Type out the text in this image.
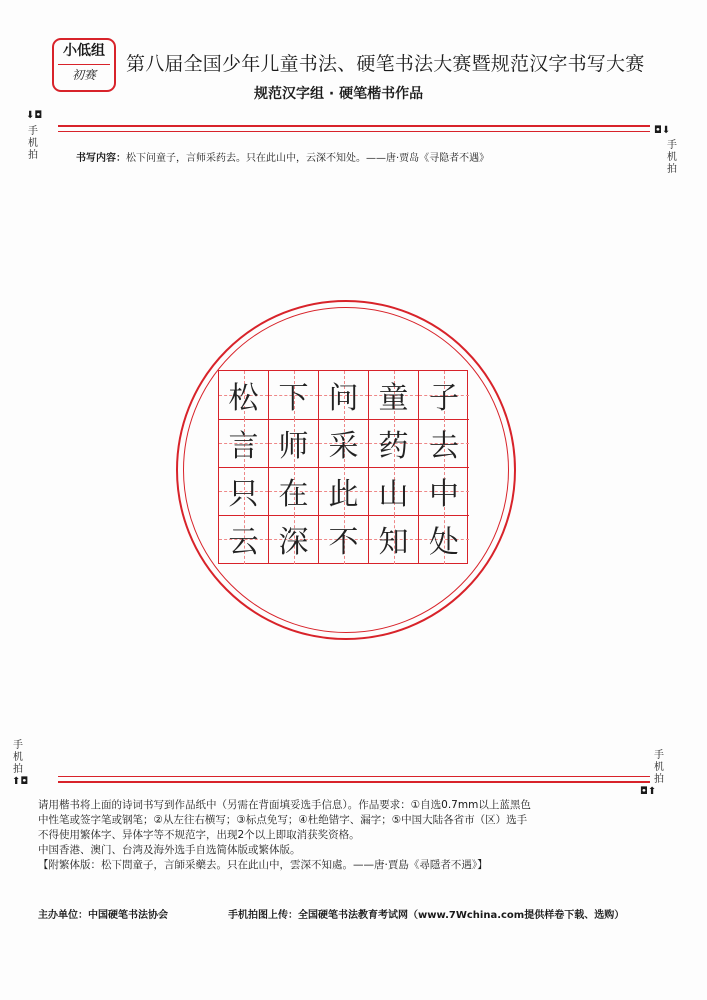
小低组
初赛	第八届全国少年儿童书法、硬笔书法大赛暨规范汉字书写大赛
规范汉字组 · 硬笔楷书作品
⬇◘
手机拍
◘⬇
手机拍
书写内容：松下问童子，言师采药去。只在此山中，云深不知处。——唐·贾岛《寻隐者不遇》
松 下 问 童 子
言 师 采 药 去
只 在 此 山 中
云 深 不 知 处
手机拍
⬆◘
手机拍
◘⬆
请用楷书将上面的诗词书写到作品纸中（另需在背面填妥选手信息）。作品要求：①自选0.7mm以上蓝黑色
中性笔或签字笔或钢笔；②从左往右横写；③标点免写；④杜绝错字、漏字；⑤中国大陆各省市（区）选手
不得使用繁体字、异体字等不规范字，出现2个以上即取消获奖资格。
中国香港、澳门、台湾及海外选手自选简体版或繁体版。
【附繁体版：松下問童子，言師采藥去。只在此山中，雲深不知處。——唐·賈島《尋隱者不遇》】
主办单位：中国硬笔书法协会	手机拍图上传：全国硬笔书法教育考试网（www.7Wchina.com提供样卷下载、选购）
